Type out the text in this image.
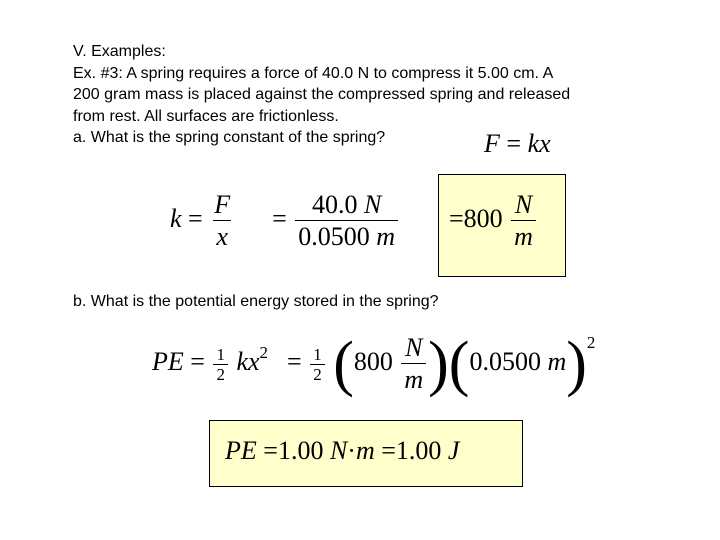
V. Examples:
Ex. #3: A spring requires a force of 40.0 N to compress it 5.00 cm. A
200 gram mass is placed against the compressed spring and released
from rest. All surfaces are frictionless.
a. What is the spring constant of the spring?	F = kx
$k = \frac{F}{x} = \frac{40.0 N}{0.0500 m} =800 \frac{N}{m}$
b. What is the potential energy stored in the spring?
PE = $\frac{1}{2} kx^2 = \frac{1}{2} (800 \frac{N}{m} )(0.0500$ m)$^2$
PE =1.00 N·m =1.00 J
